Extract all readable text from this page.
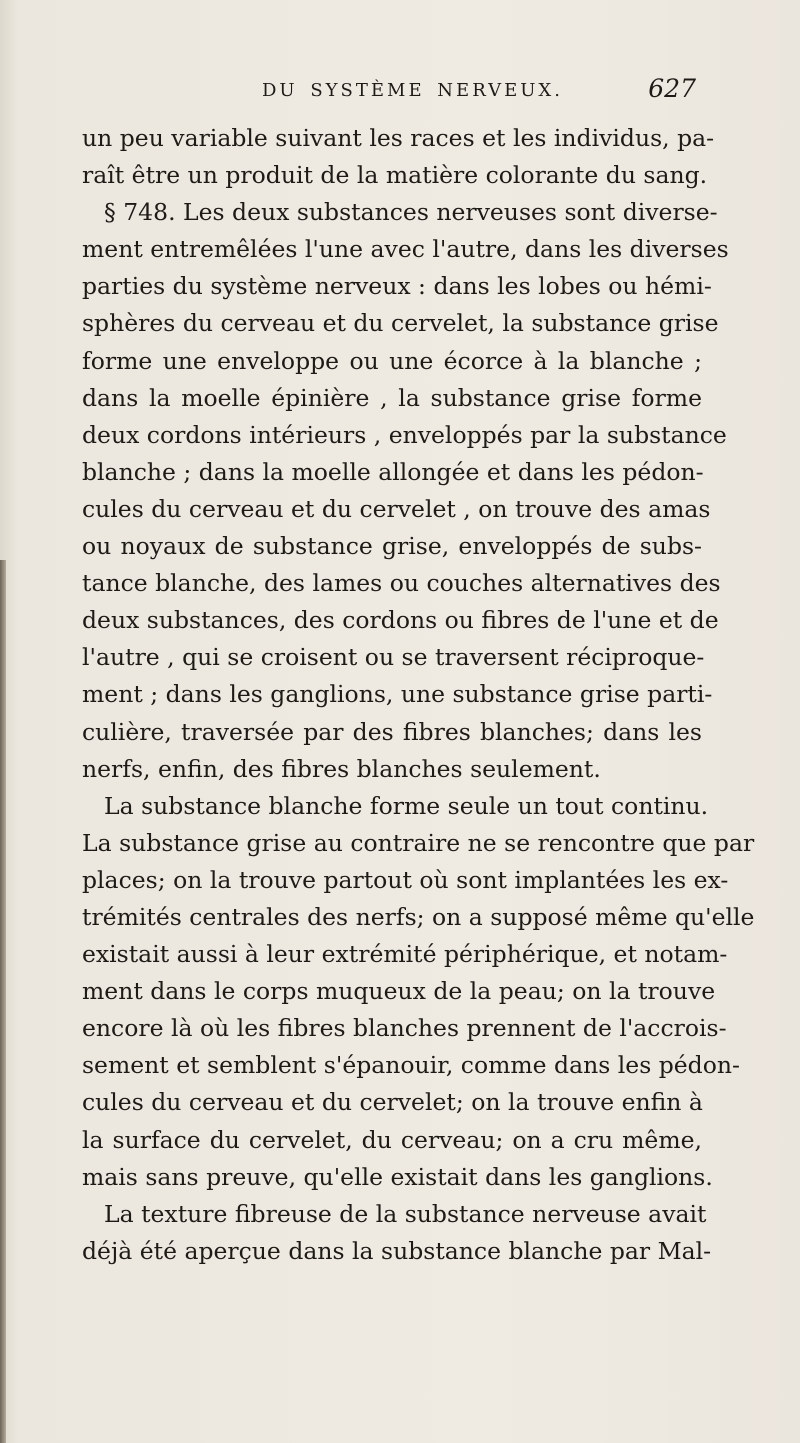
DU SYSTÈME NERVEUX.	627
un peu variable suivant les races et les individus, pa-
raît être un produit de la matière colorante du sang.
§ 748. Les deux substances nerveuses sont diverse-
ment entremêlées l'une avec l'autre, dans les diverses
parties du système nerveux : dans les lobes ou hémi-
sphères du cerveau et du cervelet, la substance grise
forme une enveloppe ou une écorce à la blanche ;
dans la moelle épinière , la substance grise forme
deux cordons intérieurs , enveloppés par la substance
blanche ; dans la moelle allongée et dans les pédon-
cules du cerveau et du cervelet , on trouve des amas
ou noyaux de substance grise, enveloppés de subs-
tance blanche, des lames ou couches alternatives des
deux substances, des cordons ou fibres de l'une et de
l'autre , qui se croisent ou se traversent réciproque-
ment ; dans les ganglions, une substance grise parti-
culière, traversée par des fibres blanches; dans les
nerfs, enfin, des fibres blanches seulement.
La substance blanche forme seule un tout continu.
La substance grise au contraire ne se rencontre que par
places; on la trouve partout où sont implantées les ex-
trémités centrales des nerfs; on a supposé même qu'elle
existait aussi à leur extrémité périphérique, et notam-
ment dans le corps muqueux de la peau; on la trouve
encore là où les fibres blanches prennent de l'accrois-
sement et semblent s'épanouir, comme dans les pédon-
cules du cerveau et du cervelet; on la trouve enfin à
la surface du cervelet, du cerveau; on a cru même,
mais sans preuve, qu'elle existait dans les ganglions.
La texture fibreuse de la substance nerveuse avait
déjà été aperçue dans la substance blanche par Mal-
